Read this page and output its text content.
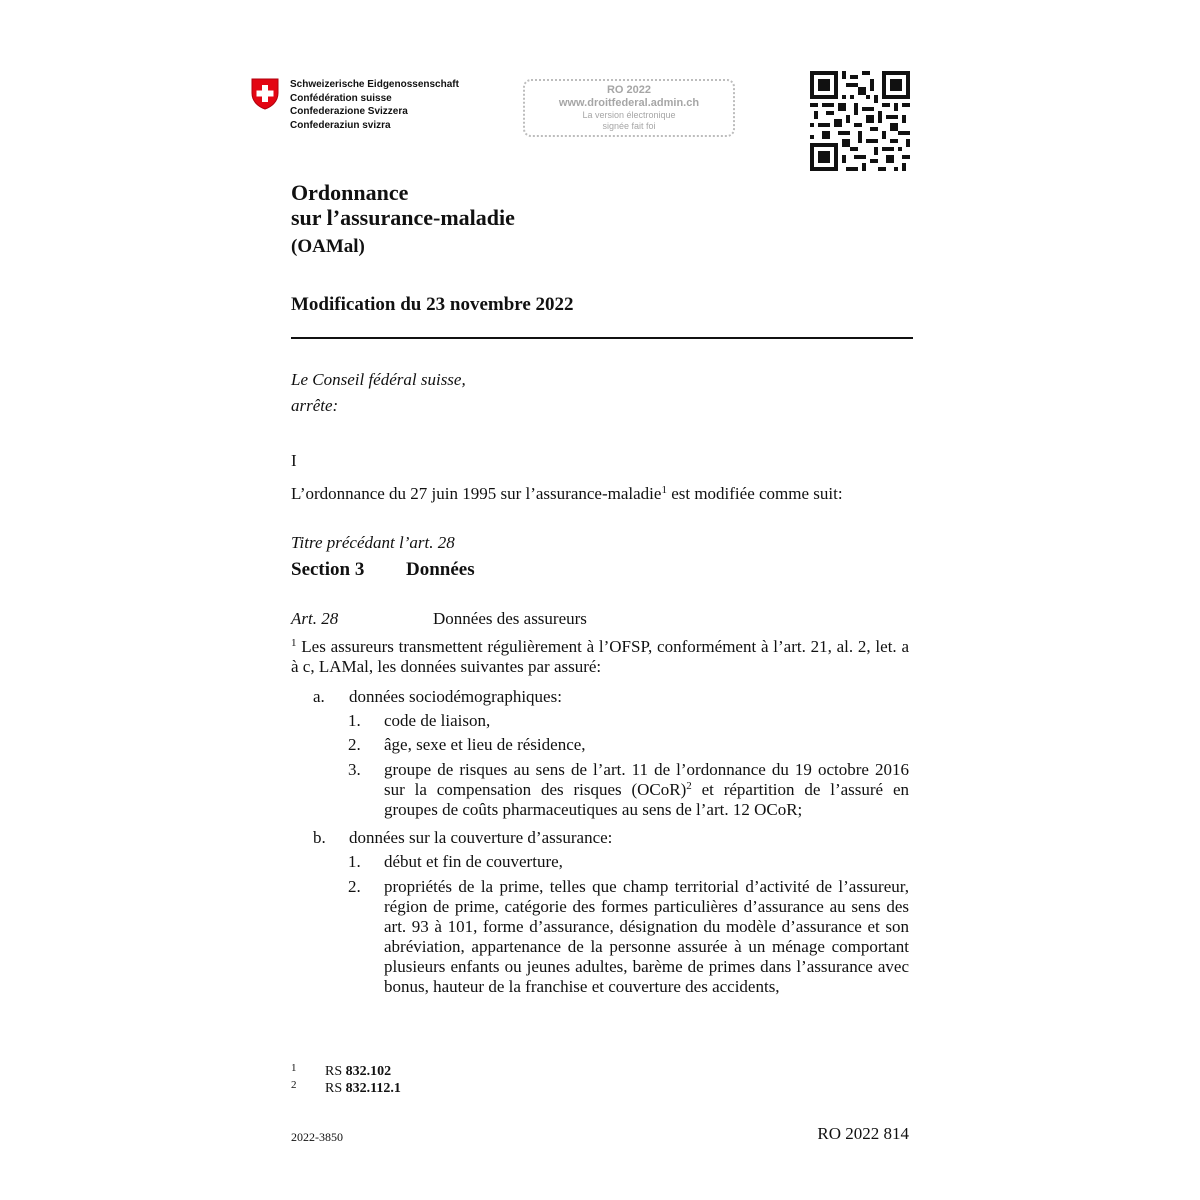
Schweizerische Eidgenossenschaft
Confédération suisse
Confederazione Svizzera
Confederaziun svizra
RO 2022
www.droitfederal.admin.ch
La version électronique
signée fait foi
Ordonnance
sur l’assurance-maladie
(OAMal)
Modification du 23 novembre 2022
Le Conseil fédéral suisse,
arrête:
I
L’ordonnance du 27 juin 1995 sur l’assurance-maladie$^1$ est modifiée comme suit:
Titre précédant l’art. 28
Section 3 Données
Art. 28	Données des assureurs
$^1$ Les assureurs transmettent régulièrement à l’OFSP, conformément à l’art. 21, al. 2, let. a à c, LAMal, les données suivantes par assuré:
a. données sociodémographiques:
1. code de liaison,
2. âge, sexe et lieu de résidence,
3. groupe de risques au sens de l’art. 11 de l’ordonnance du 19 octobre 2016 sur la compensation des risques (OCoR)$^2$ et répartition de l’assuré en groupes de coûts pharmaceutiques au sens de l’art. 12 OCoR;
b. données sur la couverture d’assurance:
1. début et fin de couverture,
2. propriétés de la prime, telles que champ territorial d’activité de l’assureur, région de prime, catégorie des formes particulières d’assurance au sens des art. 93 à 101, forme d’assurance, désignation du modèle d’assurance et son abréviation, appartenance de la personne assurée à un ménage comportant plusieurs enfants ou jeunes adultes, barème de primes dans l’assurance avec bonus, hauteur de la franchise et couverture des accidents,
1 RS 832.102
2 RS 832.112.1
2022-3850	RO 2022 814
